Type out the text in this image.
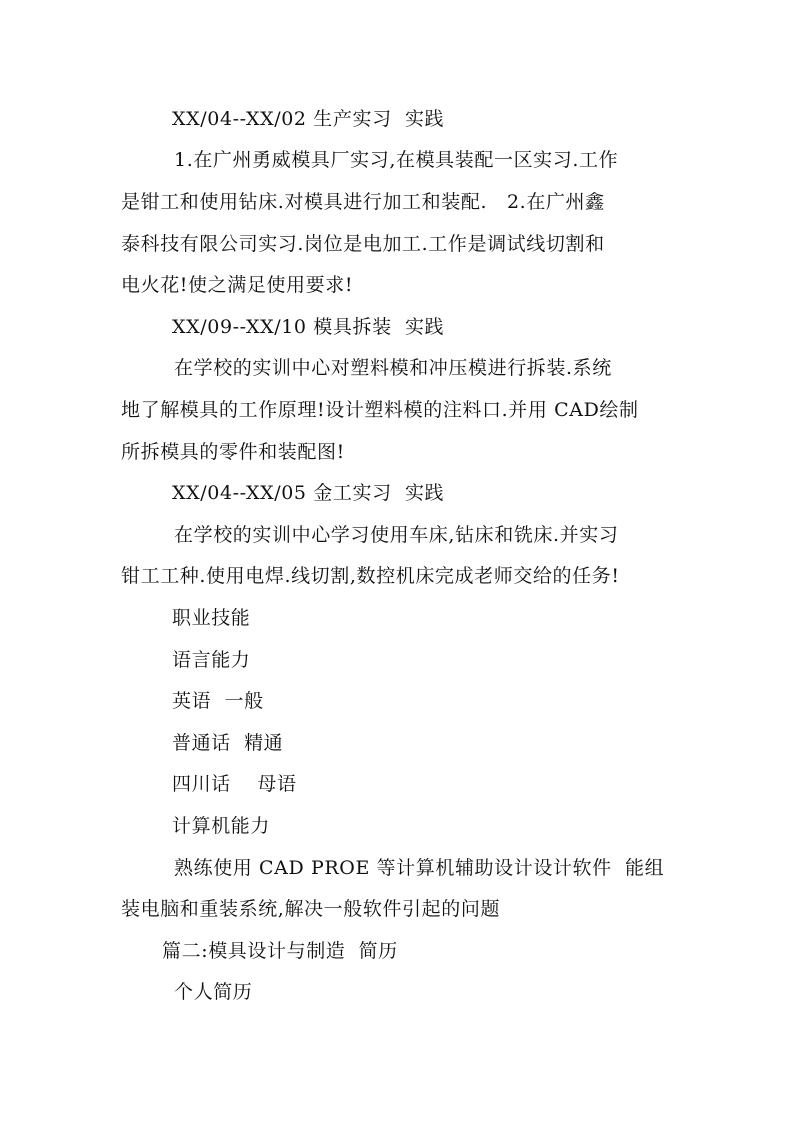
XX/04--XX/02 生产实习  实践
1.在广州勇威模具厂实习,在模具装配一区实习.工作
是钳工和使用钻床.对模具进行加工和装配.   2.在广州鑫
泰科技有限公司实习.岗位是电加工.工作是调试线切割和
电火花!使之满足使用要求!
XX/09--XX/10 模具拆装  实践
在学校的实训中心对塑料模和冲压模进行拆装.系统
地了解模具的工作原理!设计塑料模的注料口.并用 CAD绘制
所拆模具的零件和装配图!
XX/04--XX/05 金工实习  实践
在学校的实训中心学习使用车床,钻床和铣床.并实习
钳工工种.使用电焊.线切割,数控机床完成老师交给的任务!
职业技能
语言能力
英语  一般
普通话  精通
四川话    母语
计算机能力
熟练使用 CAD PROE 等计算机辅助设计设计软件  能组
装电脑和重装系统,解决一般软件引起的问题
篇二:模具设计与制造  简历
个人简历
